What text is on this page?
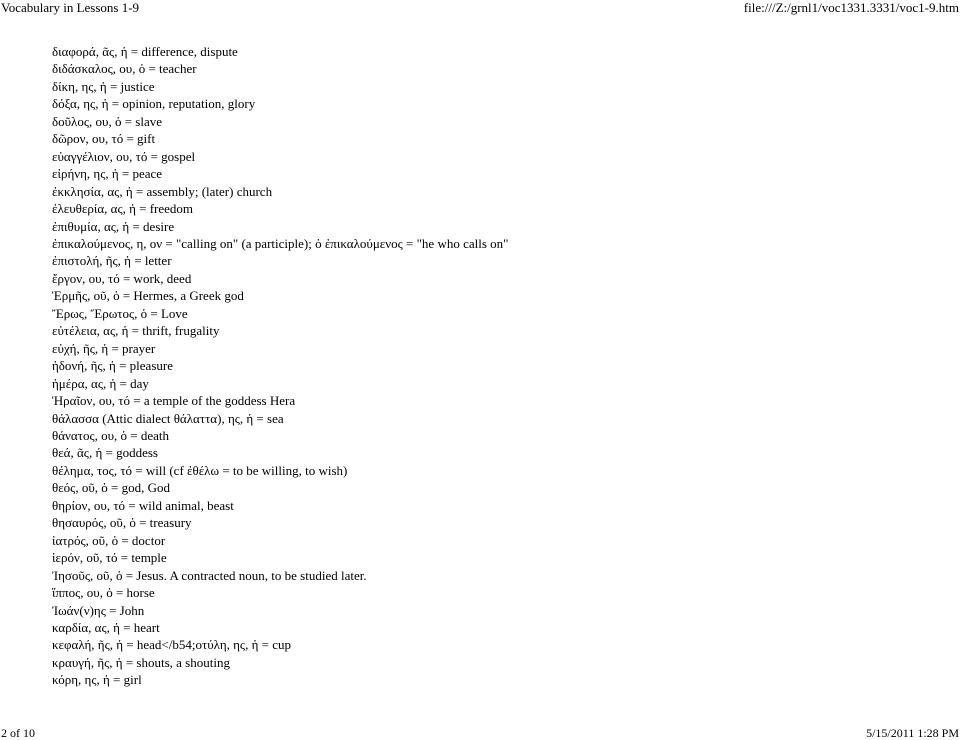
Vocabulary in Lessons 1-9	file:///Z:/grnl1/voc1331.3331/voc1-9.htm
διαφορά, ᾶς, ἡ = difference, dispute
διδάσκαλος, ου, ὁ = teacher
δίκη, ης, ἡ = justice
δόξα, ης, ἡ = opinion, reputation, glory
δοῦλος, ου, ὁ = slave
δῶρον, ου, τό = gift
εὐαγγέλιον, ου, τό = gospel
εἰρήνη, ης, ἡ = peace
ἐκκλησία, ας, ἡ = assembly; (later) church
ἐλευθερία, ας, ἡ = freedom
ἐπιθυμία, ας, ἡ = desire
ἐπικαλούμενος, η, ον = "calling on" (a participle); ὁ ἐπικαλούμενος = "he who calls on"
ἐπιστολή, ῆς, ἡ = letter
ἔργον, ου, τό = work, deed
Ἑρμῆς, οῦ, ὁ = Hermes, a Greek god
Ἔρως, Ἔρωτος, ὁ = Love
εὐτέλεια, ας, ἡ = thrift, frugality
εὐχή, ῆς, ἡ = prayer
ἡδονή, ῆς, ἡ = pleasure
ἡμέρα, ας, ἡ = day
Ἡραῖον, ου, τό = a temple of the goddess Hera
θάλασσα (Attic dialect θάλαττα), ης, ἡ = sea
θάνατος, ου, ὁ = death
θεά, ᾶς, ἡ = goddess
θέλημα, τος, τό = will (cf ἐθέλω = to be willing, to wish)
θεός, οῦ, ὁ = god, God
θηρίον, ου, τό = wild animal, beast
θησαυρός, οῦ, ὁ = treasury
ἰατρός, οῦ, ὁ = doctor
ἱερόν, οῦ, τό = temple
Ἰησοῦς, οῦ, ὁ = Jesus. A contracted noun, to be studied later.
ἵππος, ου, ὁ = horse
Ἰωάν(ν)ης = John
καρδία, ας, ἡ = heart
κεφαλή, ῆς, ἡ = head</b54;οτύλη, ης, ἡ = cup
κραυγή, ῆς, ἡ = shouts, a shouting
κόρη, ης, ἡ = girl
2 of 10	5/15/2011 1:28 PM
